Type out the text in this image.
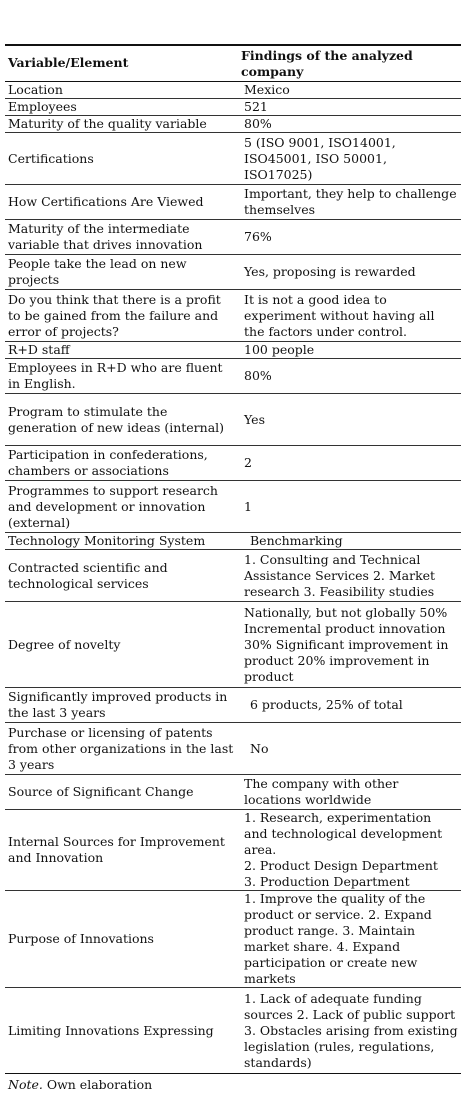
Variable/Element	Findings of the analyzed company
Location	Mexico
Employees	521
Maturity of the quality variable	80%
Certifications	5 (ISO 9001, ISO14001, ISO45001, ISO 50001, ISO17025)
How Certifications Are Viewed	Important, they help to challenge themselves
Maturity of the intermediate variable that drives innovation	76%
People take the lead on new projects	Yes, proposing is rewarded
Do you think that there is a profit to be gained from the failure and error of projects?	It is not a good idea to experiment without having all the factors under control.
R+D staff	100 people
Employees in R+D who are fluent in English.	80%
Program to stimulate the generation of new ideas (internal)	Yes
Participation in confederations, chambers or associations	2
Programmes to support research and development or innovation (external)	1
Technology Monitoring System	Benchmarking
Contracted scientific and technological services	1. Consulting and Technical Assistance Services 2. Market research 3. Feasibility studies
Degree of novelty	Nationally, but not globally 50% Incremental product innovation 30% Significant improvement in product 20% improvement in product
Significantly improved products in the last 3 years	6 products, 25% of total
Purchase or licensing of patents from other organizations in the last 3 years	No
Source of Significant Change	The company with other locations worldwide
Internal Sources for Improvement and Innovation	1. Research, experimentation and technological development area.
2. Product Design Department
3. Production Department
Purpose of Innovations	1. Improve the quality of the product or service. 2. Expand product range. 3. Maintain market share. 4. Expand participation or create new markets
Limiting Innovations Expressing	1. Lack of adequate funding sources 2. Lack of public support 3. Obstacles arising from existing legislation (rules, regulations, standards)
Note. Own elaboration
